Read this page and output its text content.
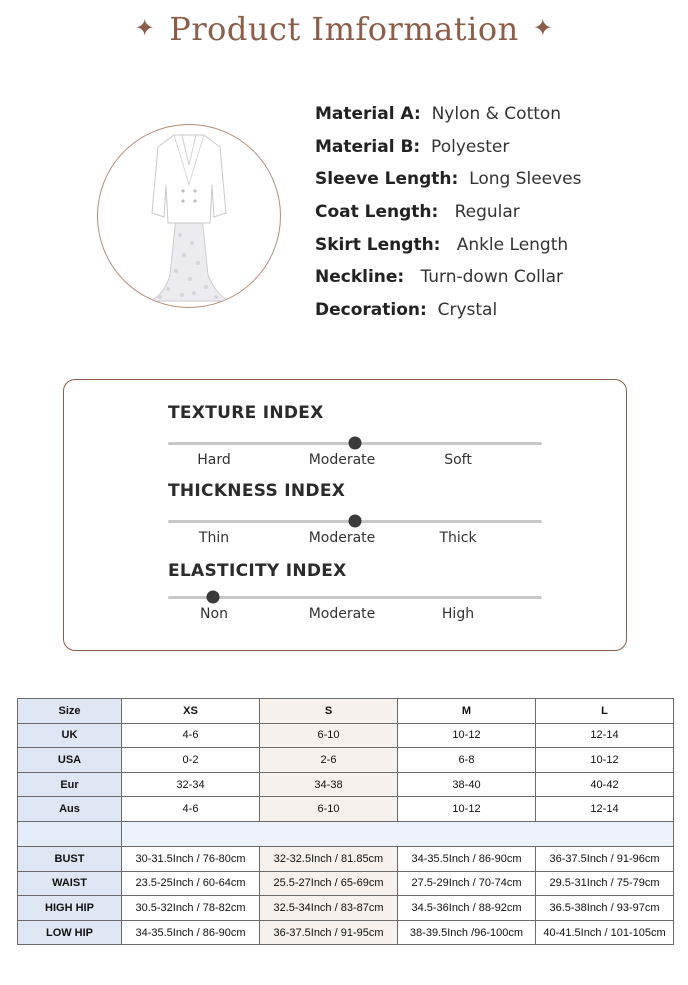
✦ Product Imformation ✦
Material A: Nylon & Cotton
Material B: Polyester
Sleeve Length: Long Sleeves
Coat Length: Regular
Skirt Length: Ankle Length
Neckline: Turn-down Collar
Decoration: Crystal
TEXTURE INDEX
Hard	Moderate	Soft
THICKNESS INDEX
Thin	Moderate	Thick
ELASTICITY INDEX
Non	Moderate	High
Size	XS	S	M	L
UK	4-6	6-10	10-12	12-14
USA	0-2	2-6	6-8	10-12
Eur	32-34	34-38	38-40	40-42
Aus	4-6	6-10	10-12	12-14

BUST	30-31.5Inch / 76-80cm	32-32.5Inch / 81.85cm	34-35.5Inch / 86-90cm	36-37.5Inch / 91-96cm
WAIST	23.5-25Inch / 60-64cm	25.5-27Inch / 65-69cm	27.5-29Inch / 70-74cm	29.5-31Inch / 75-79cm
HIGH HIP	30.5-32Inch / 78-82cm	32.5-34Inch / 83-87cm	34.5-36Inch / 88-92cm	36.5-38Inch / 93-97cm
LOW HIP	34-35.5Inch / 86-90cm	36-37.5Inch / 91-95cm	38-39.5Inch /96-100cm	40-41.5Inch / 101-105cm
